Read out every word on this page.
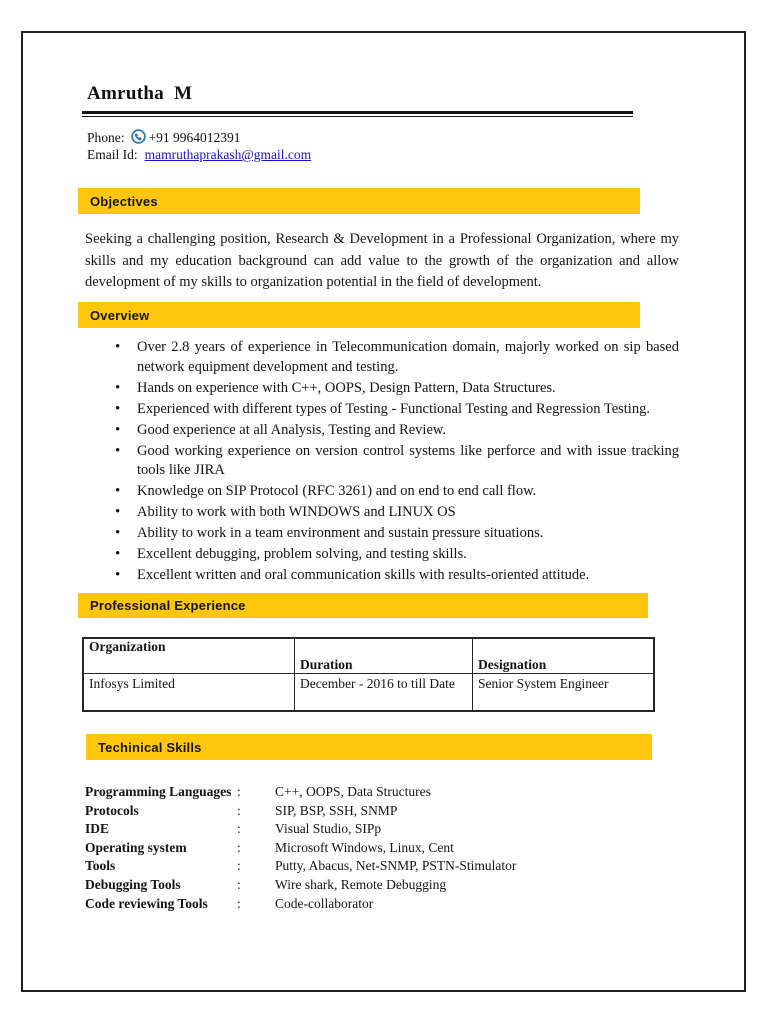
Amrutha  M
Phone: +91 9964012391
Email Id: mamruthaprakash@gmail.com
Objectives
Seeking a challenging position, Research & Development in a Professional Organization, where my skills and my education background can add value to the growth of the organization and allow development of my skills to organization potential in the field of development.
Overview
• Over 2.8 years of experience in Telecommunication domain, majorly worked on sip based network equipment development and testing.
• Hands on experience with C++, OOPS, Design Pattern, Data Structures.
• Experienced with different types of Testing - Functional Testing and Regression Testing.
• Good experience at all Analysis, Testing and Review.
• Good working experience on version control systems like perforce and with issue tracking tools like JIRA
• Knowledge on SIP Protocol (RFC 3261) and on end to end call flow.
• Ability to work with both WINDOWS and LINUX OS
• Ability to work in a team environment and sustain pressure situations.
• Excellent debugging, problem solving, and testing skills.
• Excellent written and oral communication skills with results-oriented attitude.
Professional Experience
Organization	Duration	Designation
Infosys Limited	December - 2016 to till Date	Senior System Engineer
Techinical Skills
Programming Languages :	C++, OOPS, Data Structures
Protocols	:	SIP, BSP, SSH, SNMP
IDE	:	Visual Studio, SIPp
Operating system	:	Microsoft Windows, Linux, Cent
Tools	:	Putty, Abacus, Net-SNMP, PSTN-Stimulator
Debugging Tools	:	Wire shark, Remote Debugging
Code reviewing Tools	:	Code-collaborator
